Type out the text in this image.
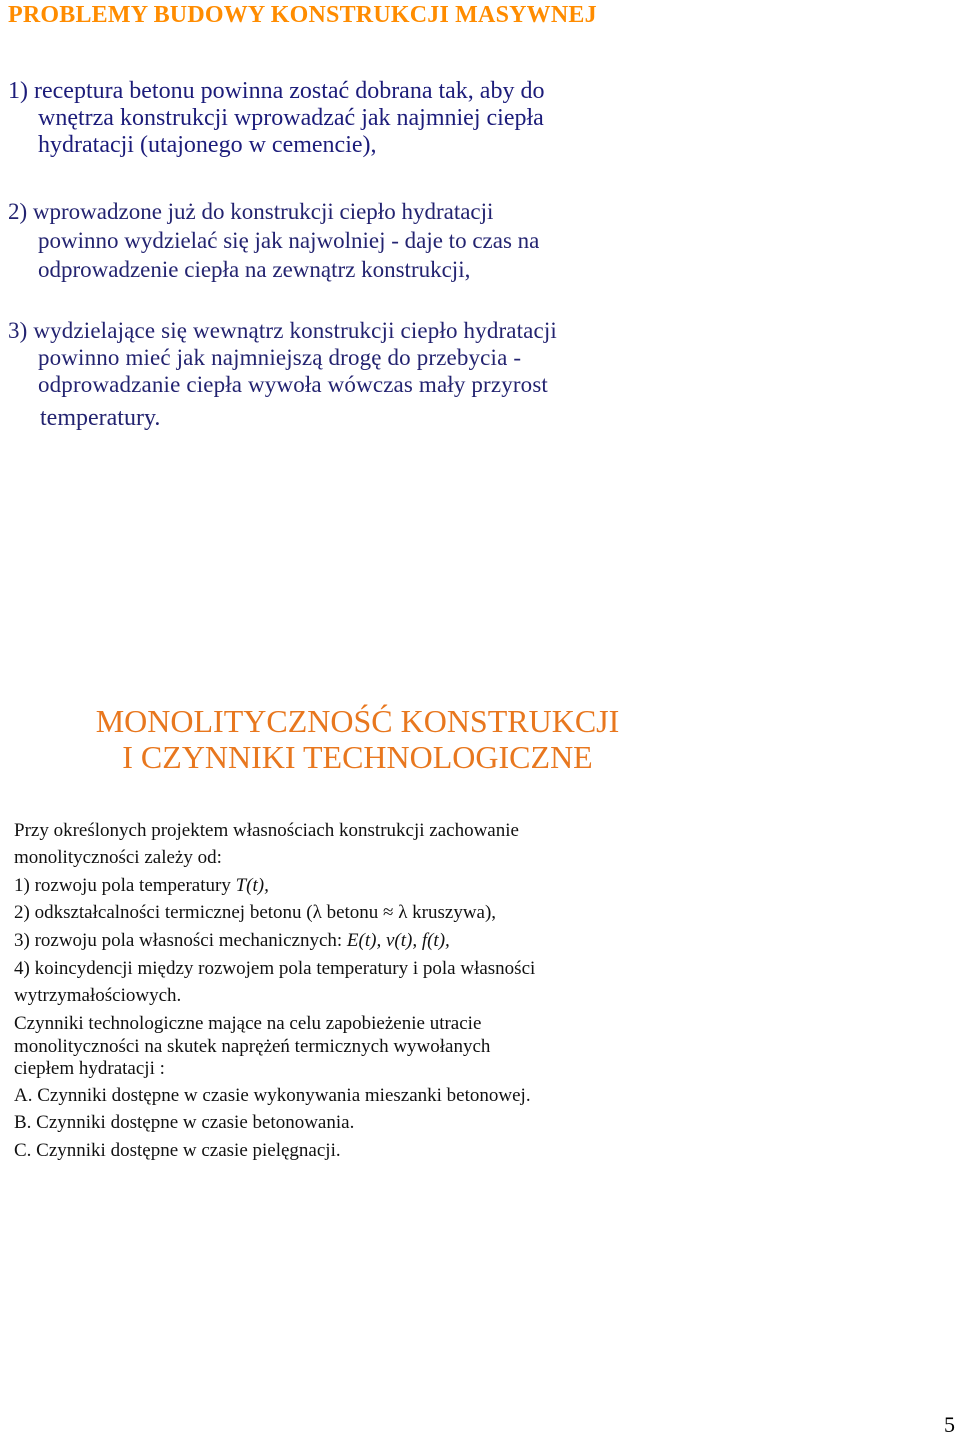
PROBLEMY BUDOWY KONSTRUKCJI MASYWNEJ
1) receptura betonu powinna zostać dobrana tak, aby do
wnętrza konstrukcji wprowadzać jak najmniej ciepła
hydratacji (utajonego w cemencie),
2) wprowadzone już do konstrukcji ciepło hydratacji
powinno wydzielać się jak najwolniej - daje to czas na
odprowadzenie ciepła na zewnątrz konstrukcji,
3) wydzielające się wewnątrz konstrukcji ciepło hydratacji
powinno mieć jak najmniejszą drogę do przebycia -
odprowadzanie ciepła wywoła wówczas mały przyrost
temperatury.
MONOLITYCZNOŚĆ KONSTRUKCJI
I CZYNNIKI TECHNOLOGICZNE
Przy określonych projektem własnościach konstrukcji zachowanie
monolityczności zależy od:
1) rozwoju pola temperatury T(t),
2) odkształcalności termicznej betonu (λ betonu ≈ λ kruszywa),
3) rozwoju pola własności mechanicznych: E(t), ν(t), f(t),
4) koincydencji między rozwojem pola temperatury i pola własności
wytrzymałościowych.
Czynniki technologiczne mające na celu zapobieżenie utracie
monolityczności na skutek naprężeń termicznych wywołanych
ciepłem hydratacji :
A. Czynniki dostępne w czasie wykonywania mieszanki betonowej.
B. Czynniki dostępne w czasie betonowania.
C. Czynniki dostępne w czasie pielęgnacji.
5
